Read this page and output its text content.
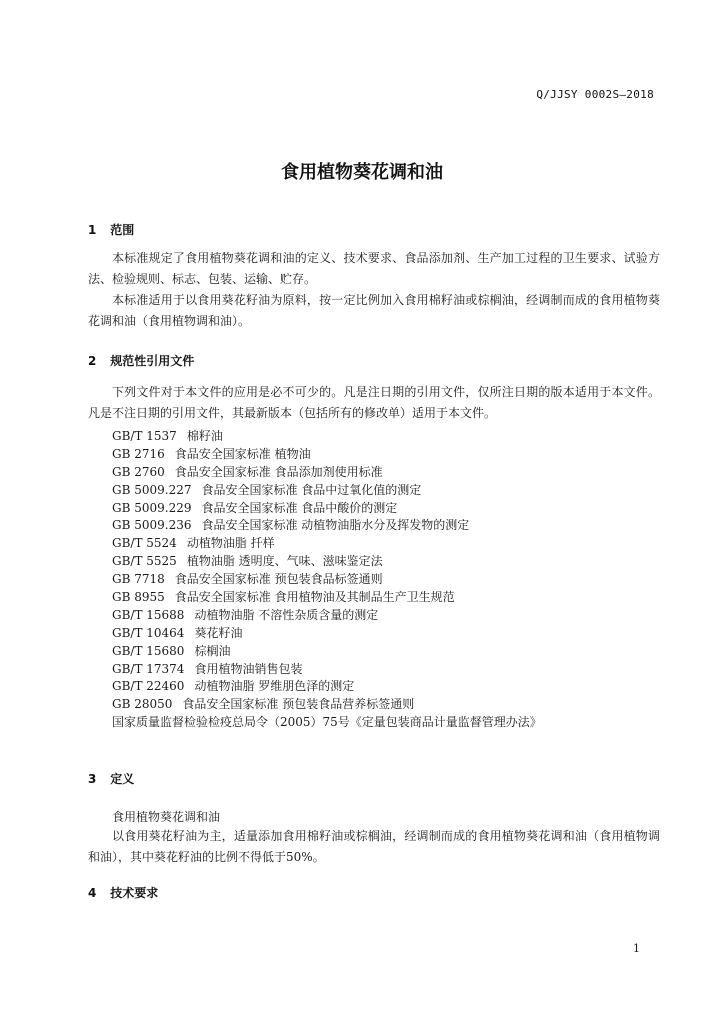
Q/JJSY 0002S—2018
食用植物葵花调和油
1 范围

本标准规定了食用植物葵花调和油的定义、技术要求、食品添加剂、生产加工过程的卫生要求、试验方法、检验规则、标志、包装、运输、贮存。

本标准适用于以食用葵花籽油为原料，按一定比例加入食用棉籽油或棕榈油，经调制而成的食用植物葵花调和油（食用植物调和油）。

2 规范性引用文件

下列文件对于本文件的应用是必不可少的。凡是注日期的引用文件，仅所注日期的版本适用于本文件。凡是不注日期的引用文件，其最新版本（包括所有的修改单）适用于本文件。

GB/T 1537 棉籽油
GB 2716 食品安全国家标准 植物油
GB 2760 食品安全国家标准 食品添加剂使用标准
GB 5009.227 食品安全国家标准 食品中过氧化值的测定
GB 5009.229 食品安全国家标准 食品中酸价的测定
GB 5009.236 食品安全国家标准 动植物油脂水分及挥发物的测定
GB/T 5524 动植物油脂 扦样
GB/T 5525 植物油脂 透明度、气味、滋味鉴定法
GB 7718 食品安全国家标准 预包装食品标签通则
GB 8955 食品安全国家标准 食用植物油及其制品生产卫生规范
GB/T 15688 动植物油脂 不溶性杂质含量的测定
GB/T 10464 葵花籽油
GB/T 15680 棕榈油
GB/T 17374 食用植物油销售包装
GB/T 22460 动植物油脂 罗维朋色泽的测定
GB 28050 食品安全国家标准 预包装食品营养标签通则
国家质量监督检验检疫总局令（2005）75号《定量包装商品计量监督管理办法》
3 定义
食用植物葵花调和油

以食用葵花籽油为主，适量添加食用棉籽油或棕榈油，经调制而成的食用植物葵花调和油（食用植物调和油），其中葵花籽油的比例不得低于50%。

4 技术要求
1
